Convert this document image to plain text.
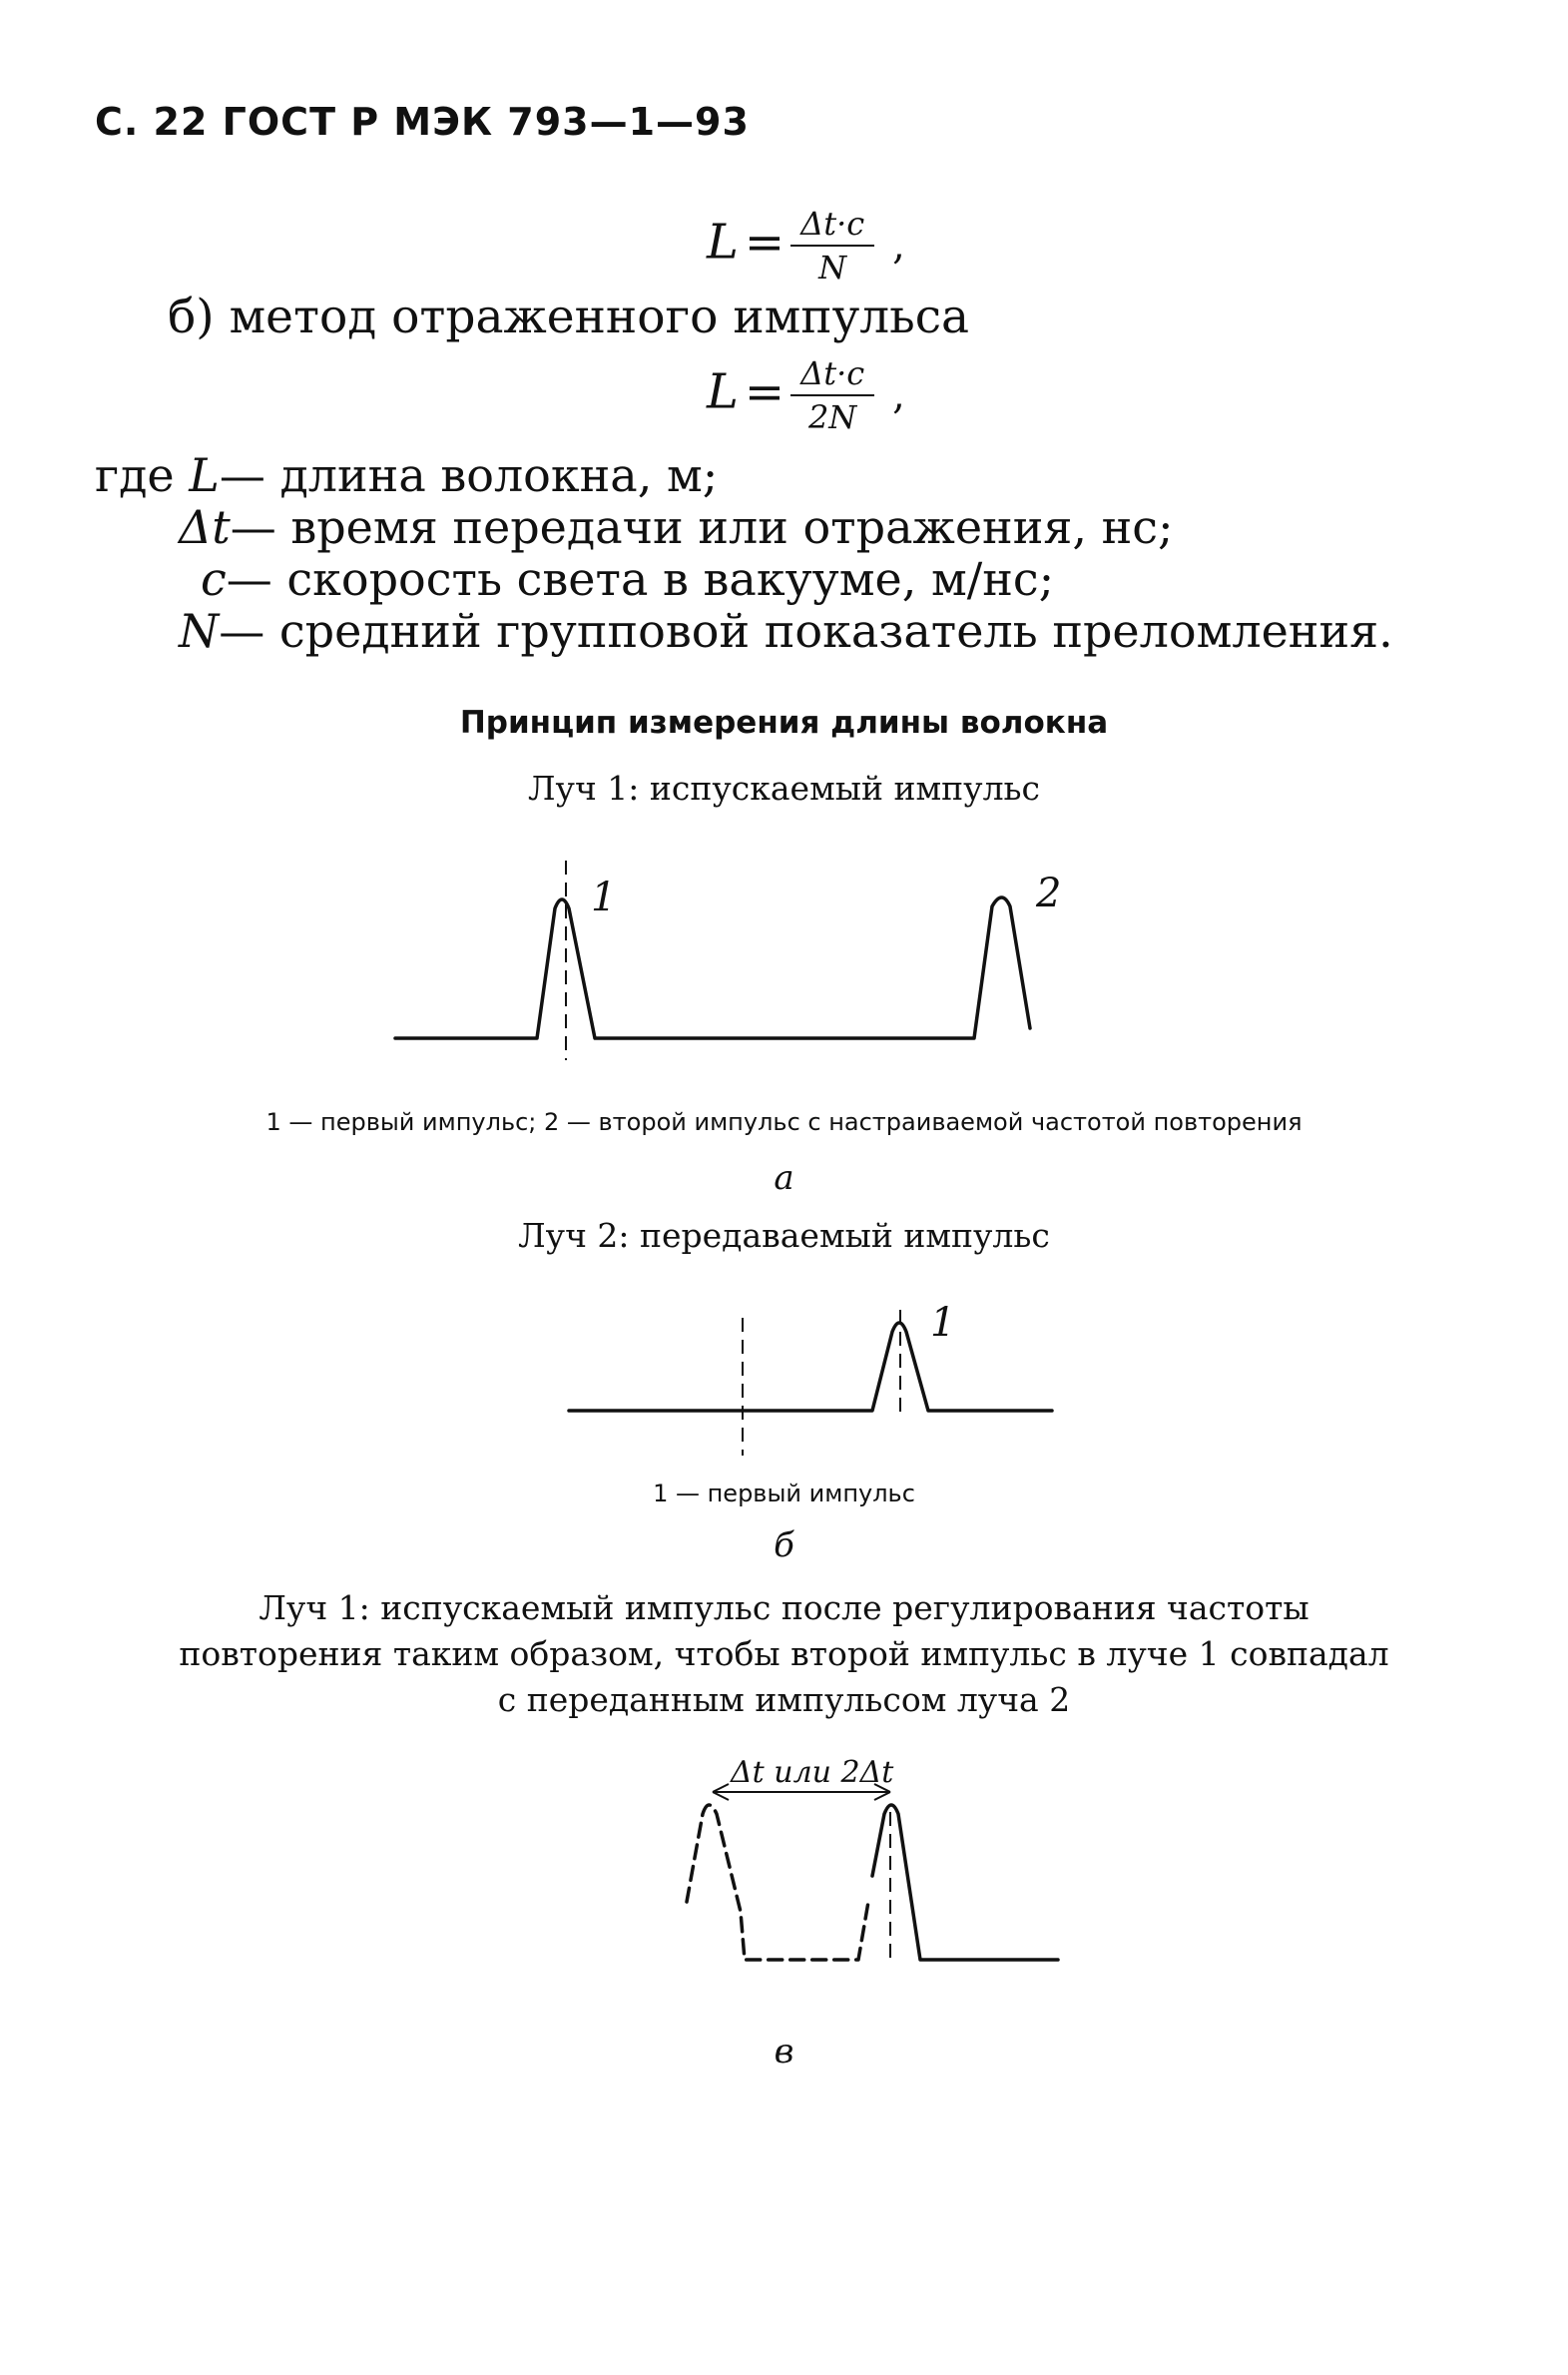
С. 22 ГОСТ Р МЭК 793—1—93
$L = \frac{\Delta t\cdot c}{N}$ ,
б) метод отраженного импульса
$L = \frac{\Delta t\cdot c}{2N}$ ,
где L— длина волокна, м;
Δt— время передачи или отражения, нс;
c— скорость света в вакууме, м/нс;
N— средний групповой показатель преломления.
Принцип измерения длины волокна
Луч 1: испускаемый импульс
1	2
1 — первый импульс; 2 — второй импульс с настраиваемой частотой повторения
а
Луч 2: передаваемый импульс
1
1 — первый импульс
б
Луч 1: испускаемый импульс после регулирования частоты
повторения таким образом, чтобы второй импульс в луче 1 совпадал
с переданным импульсом луча 2
Δt или 2Δt
в
